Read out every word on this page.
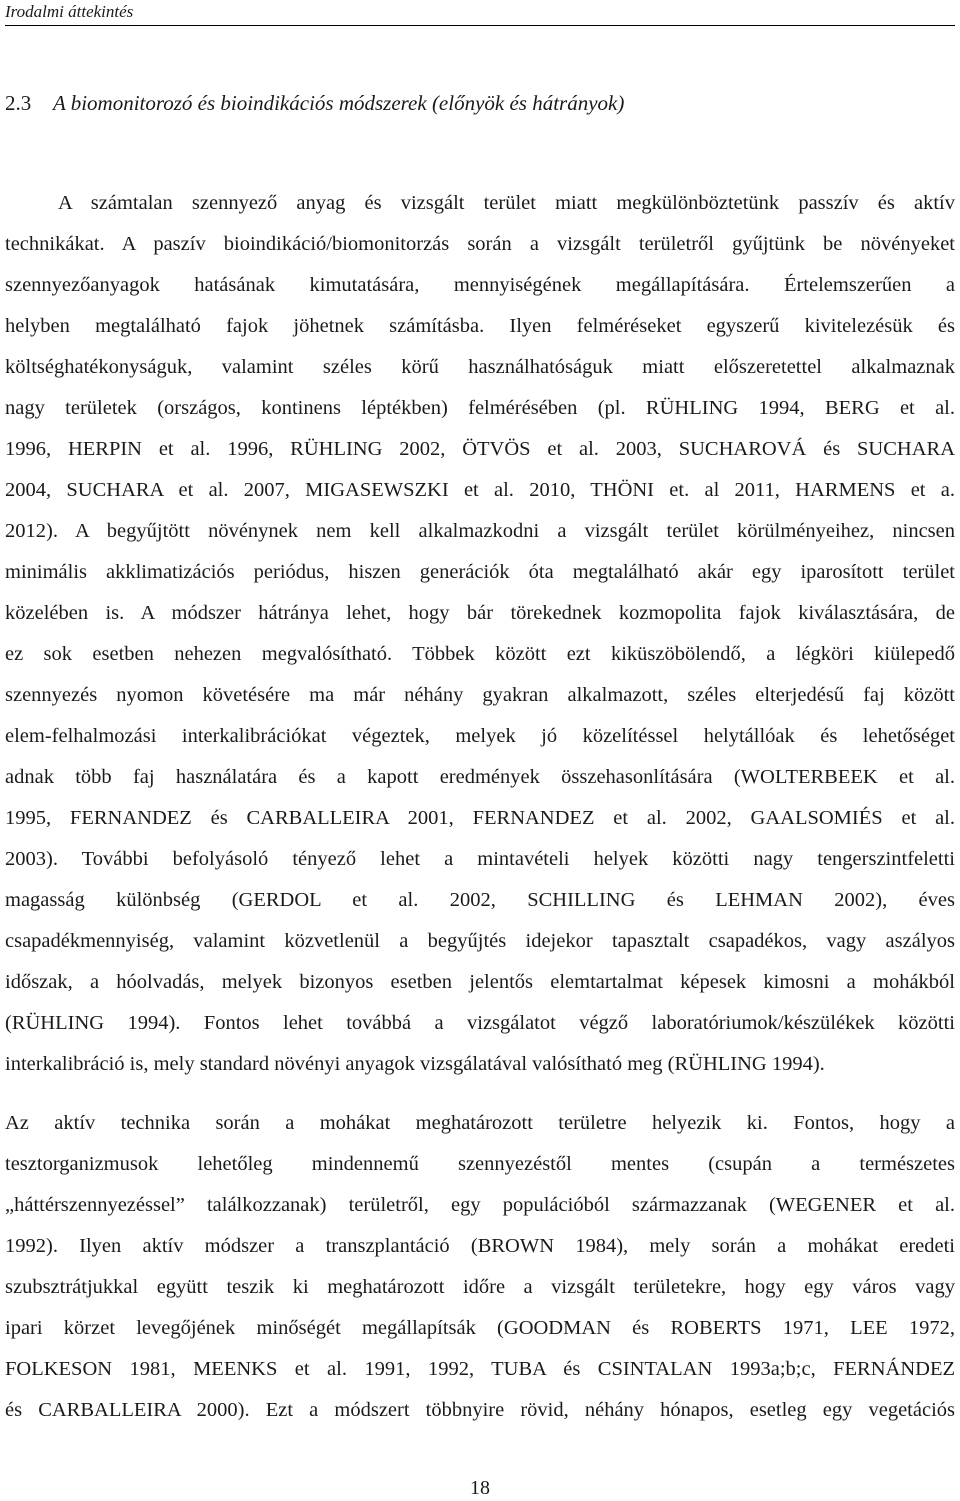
Irodalmi áttekintés
2.3 A biomonitorozó és bioindikációs módszerek (előnyök és hátrányok)
A számtalan szennyező anyag és vizsgált terület miatt megkülönböztetünk passzív és aktív
technikákat. A paszív bioindikáció/biomonitorzás során a vizsgált területről gyűjtünk be növényeket
szennyezőanyagok hatásának kimutatására, mennyiségének megállapítására. Értelemszerűen a
helyben megtalálható fajok jöhetnek számításba. Ilyen felméréseket egyszerű kivitelezésük és
költséghatékonyságuk, valamint széles körű használhatóságuk miatt előszeretettel alkalmaznak
nagy területek (országos, kontinens léptékben) felmérésében (pl. RÜHLING 1994, BERG et al.
1996, HERPIN et al. 1996, RÜHLING 2002, ÖTVÖS et al. 2003, SUCHAROVÁ és SUCHARA
2004, SUCHARA et al. 2007, MIGASEWSZKI et al. 2010, THÖNI et. al 2011, HARMENS et a.
2012). A begyűjtött növénynek nem kell alkalmazkodni a vizsgált terület körülményeihez, nincsen
minimális akklimatizációs periódus, hiszen generációk óta megtalálható akár egy iparosított terület
közelében is. A módszer hátránya lehet, hogy bár törekednek kozmopolita fajok kiválasztására, de
ez sok esetben nehezen megvalósítható. Többek között ezt kiküszöbölendő, a légköri kiülepedő
szennyezés nyomon követésére ma már néhány gyakran alkalmazott, széles elterjedésű faj között
elem-felhalmozási interkalibrációkat végeztek, melyek jó közelítéssel helytállóak és lehetőséget
adnak több faj használatára és a kapott eredmények összehasonlítására (WOLTERBEEK et al.
1995, FERNANDEZ és CARBALLEIRA 2001, FERNANDEZ et al. 2002, GAALSOMIÉS et al.
2003). További befolyásoló tényező lehet a mintavételi helyek közötti nagy tengerszintfeletti
magasság különbség (GERDOL et al. 2002, SCHILLING és LEHMAN 2002), éves
csapadékmennyiség, valamint közvetlenül a begyűjtés idejekor tapasztalt csapadékos, vagy aszályos
időszak, a hóolvadás, melyek bizonyos esetben jelentős elemtartalmat képesek kimosni a mohákból
(RÜHLING 1994). Fontos lehet továbbá a vizsgálatot végző laboratóriumok/készülékek közötti
interkalibráció is, mely standard növényi anyagok vizsgálatával valósítható meg (RÜHLING 1994).
Az aktív technika során a mohákat meghatározott területre helyezik ki. Fontos, hogy a
tesztorganizmusok lehetőleg mindennemű szennyezéstől mentes (csupán a természetes
„háttérszennyezéssel” találkozzanak) területről, egy populációból származzanak (WEGENER et al.
1992). Ilyen aktív módszer a transzplantáció (BROWN 1984), mely során a mohákat eredeti
szubsztrátjukkal együtt teszik ki meghatározott időre a vizsgált területekre, hogy egy város vagy
ipari körzet levegőjének minőségét megállapítsák (GOODMAN és ROBERTS 1971, LEE 1972,
FOLKESON 1981, MEENKS et al. 1991, 1992, TUBA és CSINTALAN 1993a;b;c, FERNÁNDEZ
és CARBALLEIRA 2000). Ezt a módszert többnyire rövid, néhány hónapos, esetleg egy vegetációs
18
